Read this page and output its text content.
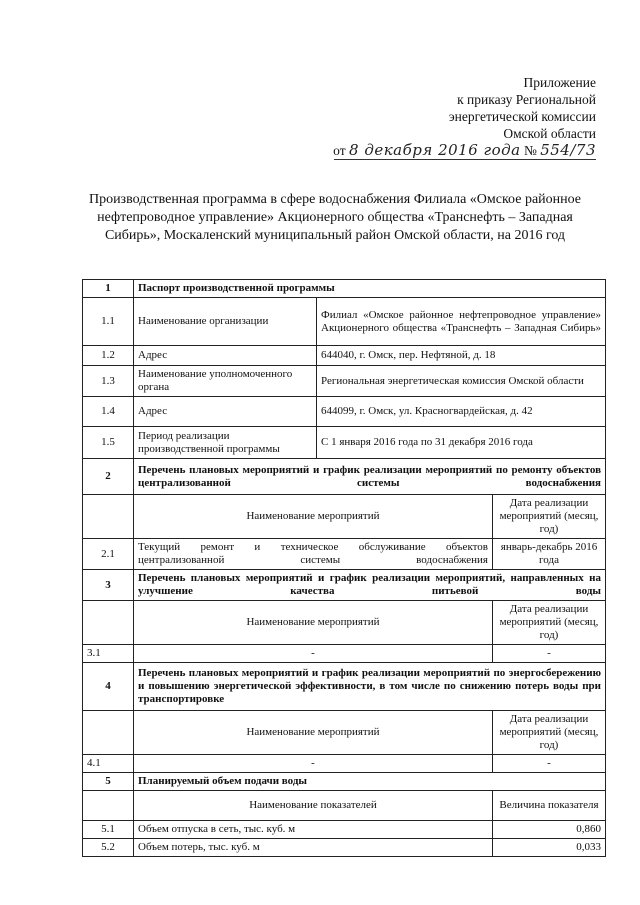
Приложение
к приказу Региональной
энергетической комиссии
Омской области
от 8 декабря 2016 года № 554/73
Производственная программа в сфере водоснабжения Филиала «Омское районное нефтепроводное управление» Акционерного общества «Транснефть – Западная Сибирь», Москаленский муниципальный район Омской области, на 2016 год
1	Паспорт производственной программы		
1.1	Наименование организации	Филиал «Омское районное нефтепроводное управление» Акционерного общества «Транснефть – Западная Сибирь»	
1.2	Адрес	644040, г. Омск, пер. Нефтяной, д. 18	
1.3	Наименование уполномоченного органа	Региональная энергетическая комиссия Омской области	
1.4	Адрес	644099, г. Омск, ул. Красногвардейская, д. 42	
1.5	Период реализации производственной программы	С 1 января 2016 года по 31 декабря 2016 года	
2	Перечень плановых мероприятий и график реализации мероприятий по ремонту объектов централизованной системы водоснабжения		
	Наименование мероприятий		Дата реализации мероприятий (месяц, год)
2.1	Текущий ремонт и техническое обслуживание объектов централизованной системы водоснабжения		январь-декабрь 2016 года
3	Перечень плановых мероприятий и график реализации мероприятий, направленных на улучшение качества питьевой воды		
	Наименование мероприятий		Дата реализации мероприятий (месяц, год)
3.1	-		-
4	Перечень плановых мероприятий и график реализации мероприятий по энергосбережению и повышению энергетической эффективности, в том числе по снижению потерь воды при транспортировке		
	Наименование мероприятий		Дата реализации мероприятий (месяц, год)
4.1	-		-
5	Планируемый объем подачи воды		
	Наименование показателей		Величина показателя
5.1	Объем отпуска в сеть, тыс. куб. м		0,860
5.2	Объем потерь, тыс. куб. м		0,033
